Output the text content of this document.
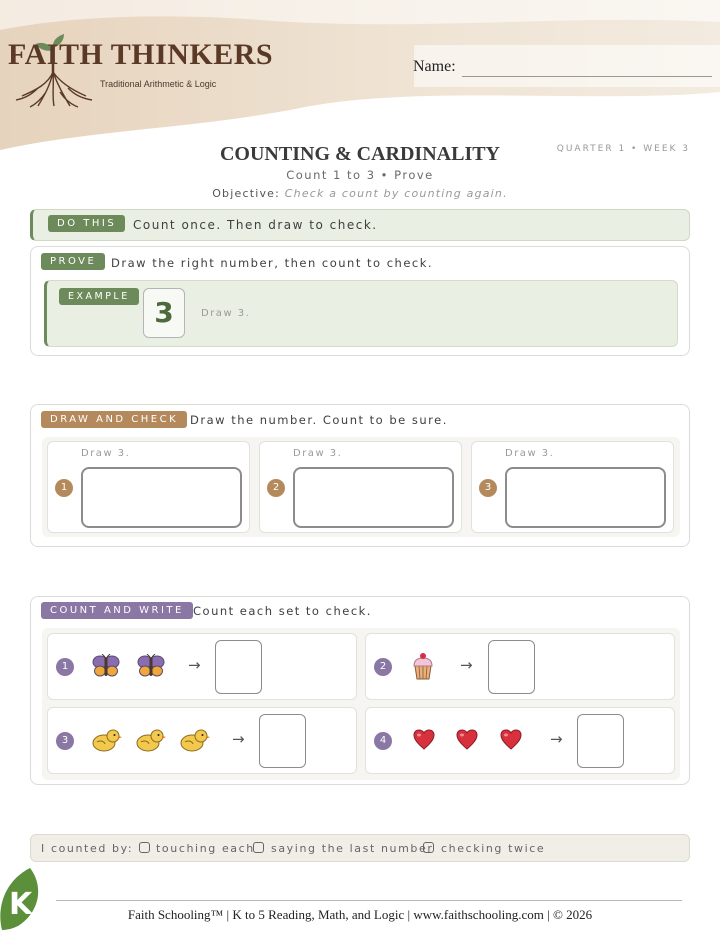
FAITH THINKERS
Traditional Arithmetic & Logic
Name:
QUARTER 1 • WEEK 3
COUNTING & CARDINALITY
Count 1 to 3 • Prove
Objective: Check a count by counting again.
DO THIS	Count once. Then draw to check.
PROVE	Draw the right number, then count to check.
EXAMPLE 3	Draw 3.
DRAW AND CHECK	Draw the number. Count to be sure.
Draw 3.
1
Draw 3.
2
Draw 3.
3
COUNT AND WRITE Count each set to check.
1	→	2	→
3	→	4	→
I counted by: touching each saying the last number checking twice
K	Faith Schooling™ | K to 5 Reading, Math, and Logic | www.faithschooling.com | © 2026
